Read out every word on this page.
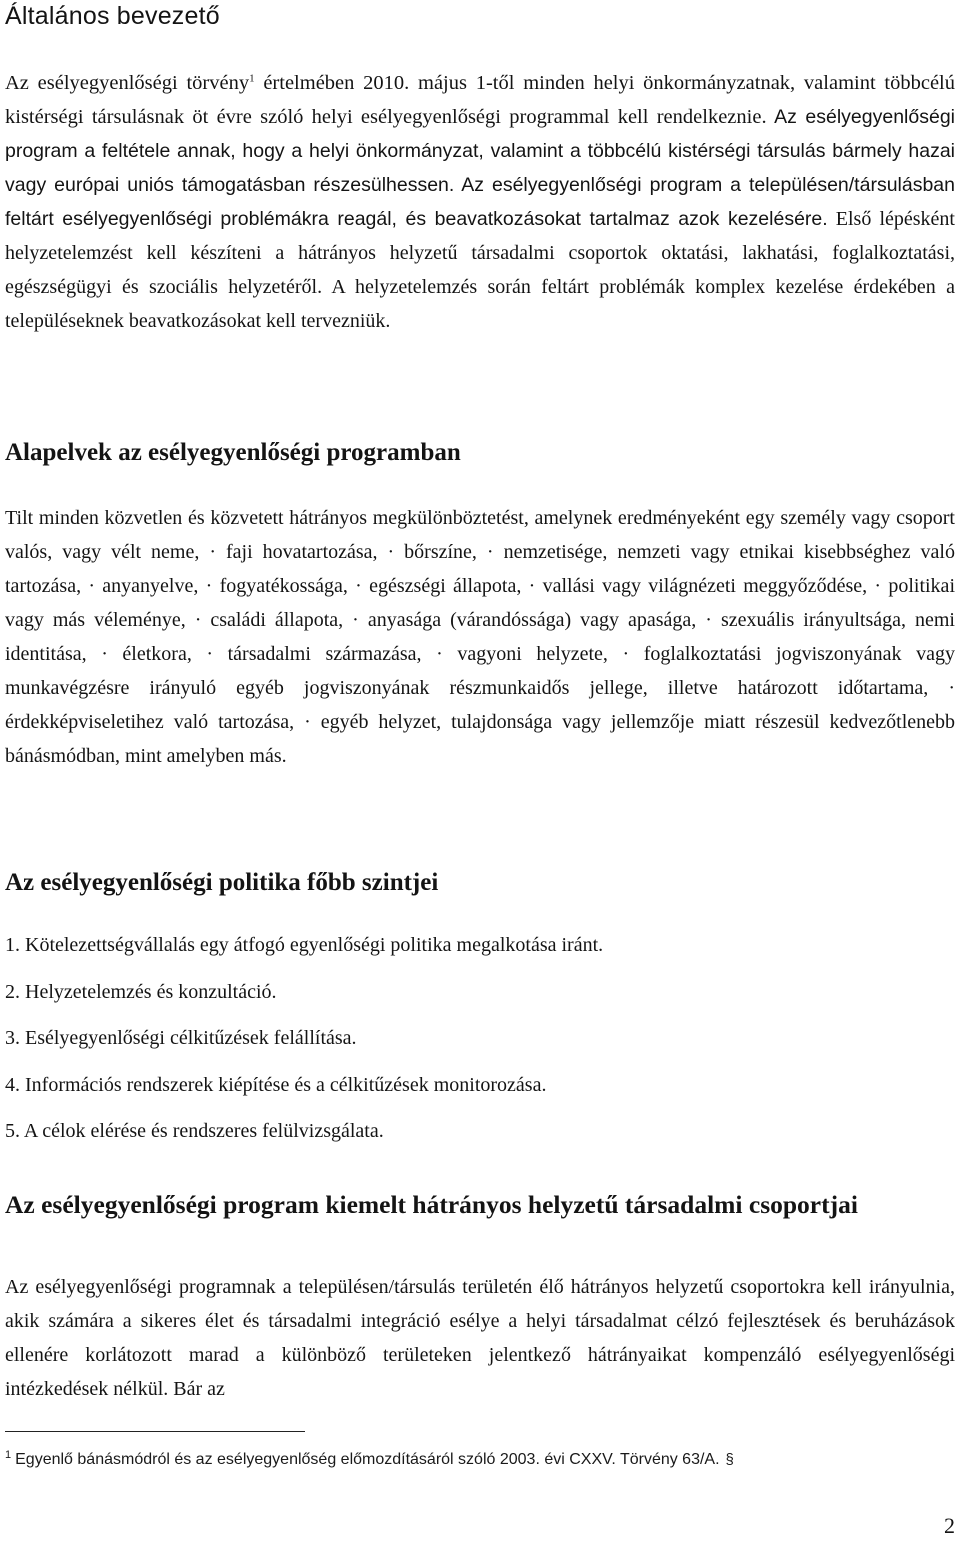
Általános bevezető

Az esélyegyenlőségi törvény$^1$ értelmében 2010. május 1-től minden helyi önkormányzatnak, valamint többcélú kistérségi társulásnak öt évre szóló helyi esélyegyenlőségi programmal kell rendelkeznie. Az esélyegyenlőségi program a feltétele annak, hogy a helyi önkormányzat, valamint a többcélú kistérségi társulás bármely hazai vagy európai uniós támogatásban részesülhessen. Az esélyegyenlőségi program a településen/társulásban feltárt esélyegyenlőségi problémákra reagál, és beavatkozásokat tartalmaz azok kezelésére. Első lépésként helyzetelemzést kell készíteni a hátrányos helyzetű társadalmi csoportok oktatási, lakhatási, foglalkoztatási, egészségügyi és szociális helyzetéről. A helyzetelemzés során feltárt problémák komplex kezelése érdekében a településeknek beavatkozásokat kell tervezniük.

Alapelvek az esélyegyenlőségi programban

Tilt minden közvetlen és közvetett hátrányos megkülönböztetést, amelynek eredményeként egy személy vagy csoport valós, vagy vélt neme, · faji hovatartozása, · bőrszíne, · nemzetisége, nemzeti vagy etnikai kisebbséghez való tartozása, · anyanyelve, · fogyatékossága, · egészségi állapota, · vallási vagy világnézeti meggyőződése, · politikai vagy más véleménye, · családi állapota, · anyasága (várandóssága) vagy apasága, · szexuális irányultsága, nemi identitása, · életkora, · társadalmi származása, · vagyoni helyzete, · foglalkoztatási jogviszonyának vagy munkavégzésre irányuló egyéb jogviszonyának részmunkaidős jellege, illetve határozott időtartama, · érdekképviseletihez való tartozása, · egyéb helyzet, tulajdonsága vagy jellemzője miatt részesül kedvezőtlenebb bánásmódban, mint amelyben más.

Az esélyegyenlőségi politika főbb szintjei
1. Kötelezettségvállalás egy átfogó egyenlőségi politika megalkotása iránt.
2. Helyzetelemzés és konzultáció.
3. Esélyegyenlőségi célkitűzések felállítása.
4. Információs rendszerek kiépítése és a célkitűzések monitorozása.
5. A célok elérése és rendszeres felülvizsgálata.
Az esélyegyenlőségi program kiemelt hátrányos helyzetű társadalmi csoportjai

Az esélyegyenlőségi programnak a településen/társulás területén élő hátrányos helyzetű csoportokra kell irányulnia, akik számára a sikeres élet és társadalmi integráció esélye a helyi társadalmat célzó fejlesztések és beruházások ellenére korlátozott marad a különböző területeken jelentkező hátrányaikat kompenzáló esélyegyenlőségi intézkedések nélkül. Bár az

$^1$ Egyenlő bánásmódról és az esélyegyenlőség előmozdításáról szóló 2003. évi CXXV. Törvény 63/A. §

2
